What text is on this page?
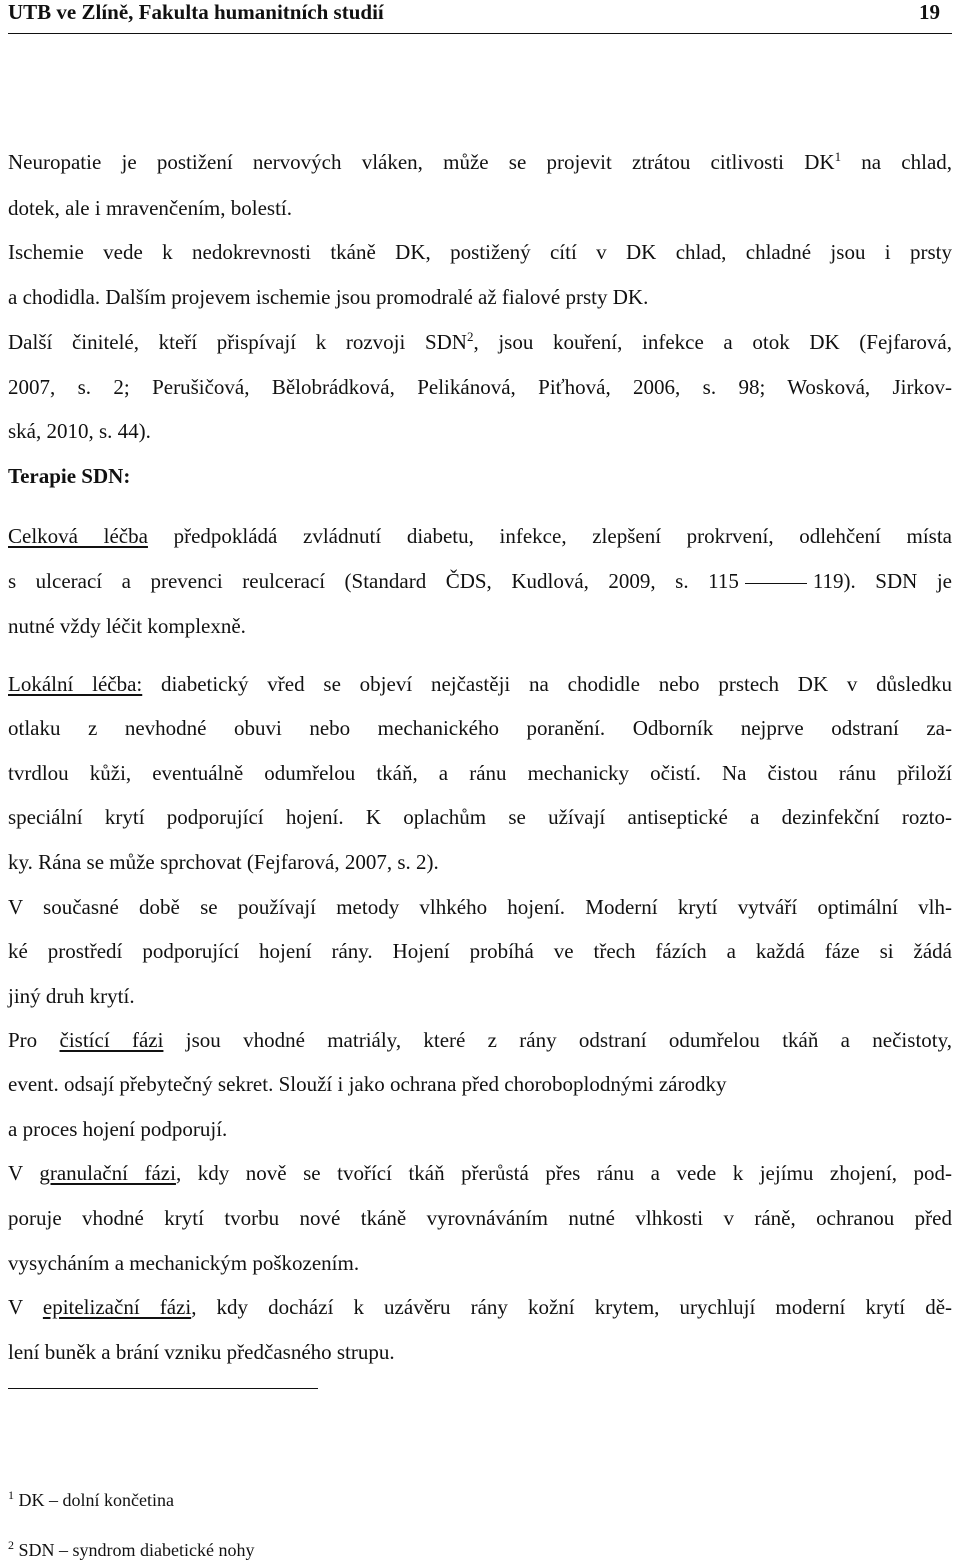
UTB ve Zlíně, Fakulta humanitních studií	19
Neuropatie je postižení nervových vláken, může se projevit ztrátou citlivosti $DK^1$ na chlad,
dotek, ale i mravenčením, bolestí.
Ischemie vede k nedokrevnosti tkáně DK, postižený cítí v DK chlad, chladné jsou i prsty
a chodidla. Dalším projevem ischemie jsou promodralé až fialové prsty DK.
Další činitelé, kteří přispívají k rozvoji SDN$^2$, jsou kouření, infekce a otok DK (Fejfarová,
2007, s. 2; Perušičová, Bělobrádková, Pelikánová, Piťhová, 2006, s. 98; Wosková, Jirkov-
ská, 2010, s. 44).
Terapie SDN:
Celková léčba předpokládá zvládnutí diabetu, infekce, zlepšení prokrvení, odlehčení místa
s ulcerací a prevenci reulcerací (Standard ČDS, Kudlová, 2009, s. 115	119). SDN je
nutné vždy léčit komplexně.
Lokální léčba: diabetický vřed se objeví nejčastěji na chodidle nebo prstech DK v důsledku
otlaku z nevhodné obuvi nebo mechanického poranění. Odborník nejprve odstraní za-
tvrdlou kůži, eventuálně odumřelou tkáň, a ránu mechanicky očistí. Na čistou ránu přiloží
speciální krytí podporující hojení. K oplachům se užívají antiseptické a dezinfekční rozto-
ky. Rána se může sprchovat (Fejfarová, 2007, s. 2).
V současné době se používají metody vlhkého hojení. Moderní krytí vytváří optimální vlh-
ké prostředí podporující hojení rány. Hojení probíhá ve třech fázích a každá fáze si žádá
jiný druh krytí.
Pro čistící fázi jsou vhodné matriály, které z rány odstraní odumřelou tkáň a nečistoty,
event. odsají přebytečný sekret. Slouží i jako ochrana před choroboplodnými zárodky
a proces hojení podporují.
V granulační fázi, kdy nově se tvořící tkáň přerůstá přes ránu a vede k jejímu zhojení, pod-
poruje vhodné krytí tvorbu nové tkáně vyrovnáváním nutné vlhkosti v ráně, ochranou před
vysycháním a mechanickým poškozením.
V epitelizační fázi, kdy dochází k uzávěru rány kožní krytem, urychlují moderní krytí dě-
lení buněk a brání vzniku předčasného strupu.
$^1$ DK – dolní končetina
$^2$ SDN – syndrom diabetické nohy
